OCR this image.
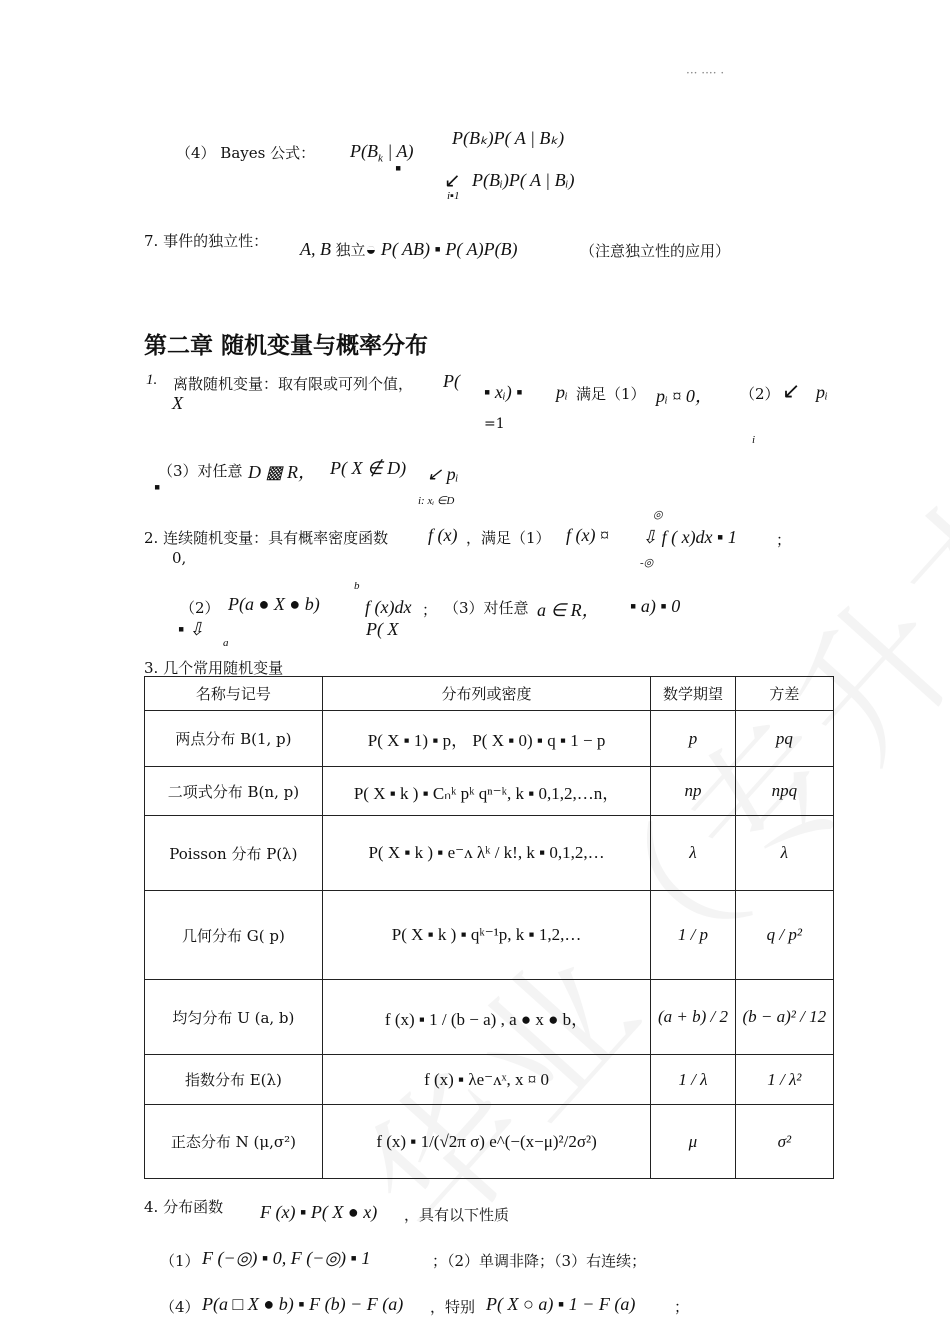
··· ···· ·
（4） Bayes 公式： $P(B_k$ | A)
▪
P(Bₖ)P( A | Bₖ)
↙ P(Bᵢ)P( A | Bᵢ)
i▪1
7. 事件的独立性： A, B 独立◒ P( AB) ▪ P( A)P(B)	（注意独立性的应用）
第二章 随机变量与概率分布
1. 离散随机变量：取有限或可列个值， P(
X
▪ xᵢ) ▪ pᵢ 满足（1） pᵢ ¤ 0， （2） ↙ pᵢ
=1
i
（3）对任意 D ▩ R， P( X ∉ D)
▪
↙ pᵢ
i: xᵢ ∈D
2. 连续随机变量：具有概率密度函数 f (x) ，满足（1） f (x) ¤
0,
◎
⇩ f ( x)dx ▪ 1	；
-◎
（2） P(a ● X ● b)
b
f (x)dx ；
▪ ⇩
a
（3）对任意 a ∈ R，
P( X
▪ a) ▪ 0
3. 几个常用随机变量
名称与记号	分布列或密度	数学期望	方差
两点分布 B(1, p)	P( X ▪ 1) ▪ p， P( X ▪ 0) ▪ q ▪ 1 − p	p	pq
二项式分布 B(n, p)	P( X ▪ k ) ▪ Cₙᵏ pᵏ qⁿ⁻ᵏ, k ▪ 0,1,2,…n，	np	npq
Poisson 分布 P(λ)	P( X ▪ k ) ▪ e⁻ᴧ λᵏ / k!, k ▪ 0,1,2,…	λ	λ
几何分布 G( p)	P( X ▪ k ) ▪ qᵏ⁻¹p, k ▪ 1,2,…	1 / p	q / p²
均匀分布 U (a, b)	f (x) ▪ 1 / (b − a) , a ● x ● b，	(a + b) / 2	(b − a)² / 12
指数分布 E(λ)	f (x) ▪ λe⁻ᴧˣ, x ¤ 0	1 / λ	1 / λ²
正态分布 N (μ,σ²)	f (x) ▪ 1/(√2π σ) e^(−(x−μ)²/2σ²)	μ	σ²
4. 分布函数 F (x) ▪ P( X ● x) ，具有以下性质
（1） F (−◎) ▪ 0, F (−◎) ▪ 1	；（2）单调非降；（3）右连续；
（4） P(a □ X ● b) ▪ F (b) − F (a) ，特别 P( X ○ a) ▪ 1 − F (a)	；
